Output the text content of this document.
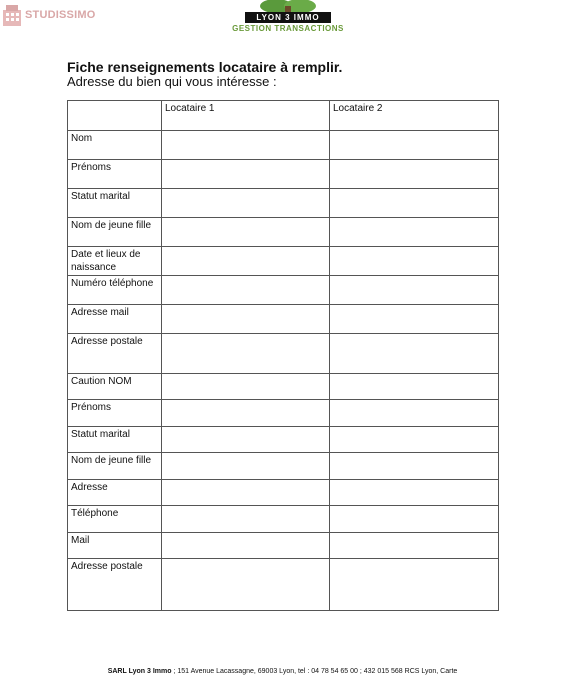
STUDISSIMO	LYON 3 IMMO
GESTION TRANSACTIONS
Fiche renseignements locataire à remplir.
Adresse du bien qui vous intéresse :
	Locataire 1	Locataire 2
Nom		
Prénoms		
Statut marital		
Nom de jeune fille		
Date et lieux de naissance		
Numéro téléphone		
Adresse mail		
Adresse postale		
Caution NOM		
Prénoms		
Statut marital		
Nom de jeune fille		
Adresse		
Téléphone		
Mail		
Adresse postale		
SARL Lyon 3 Immo ; 151 Avenue Lacassagne, 69003 Lyon, tel : 04 78 54 65 00 ; 432 015 568 RCS Lyon, Carte
